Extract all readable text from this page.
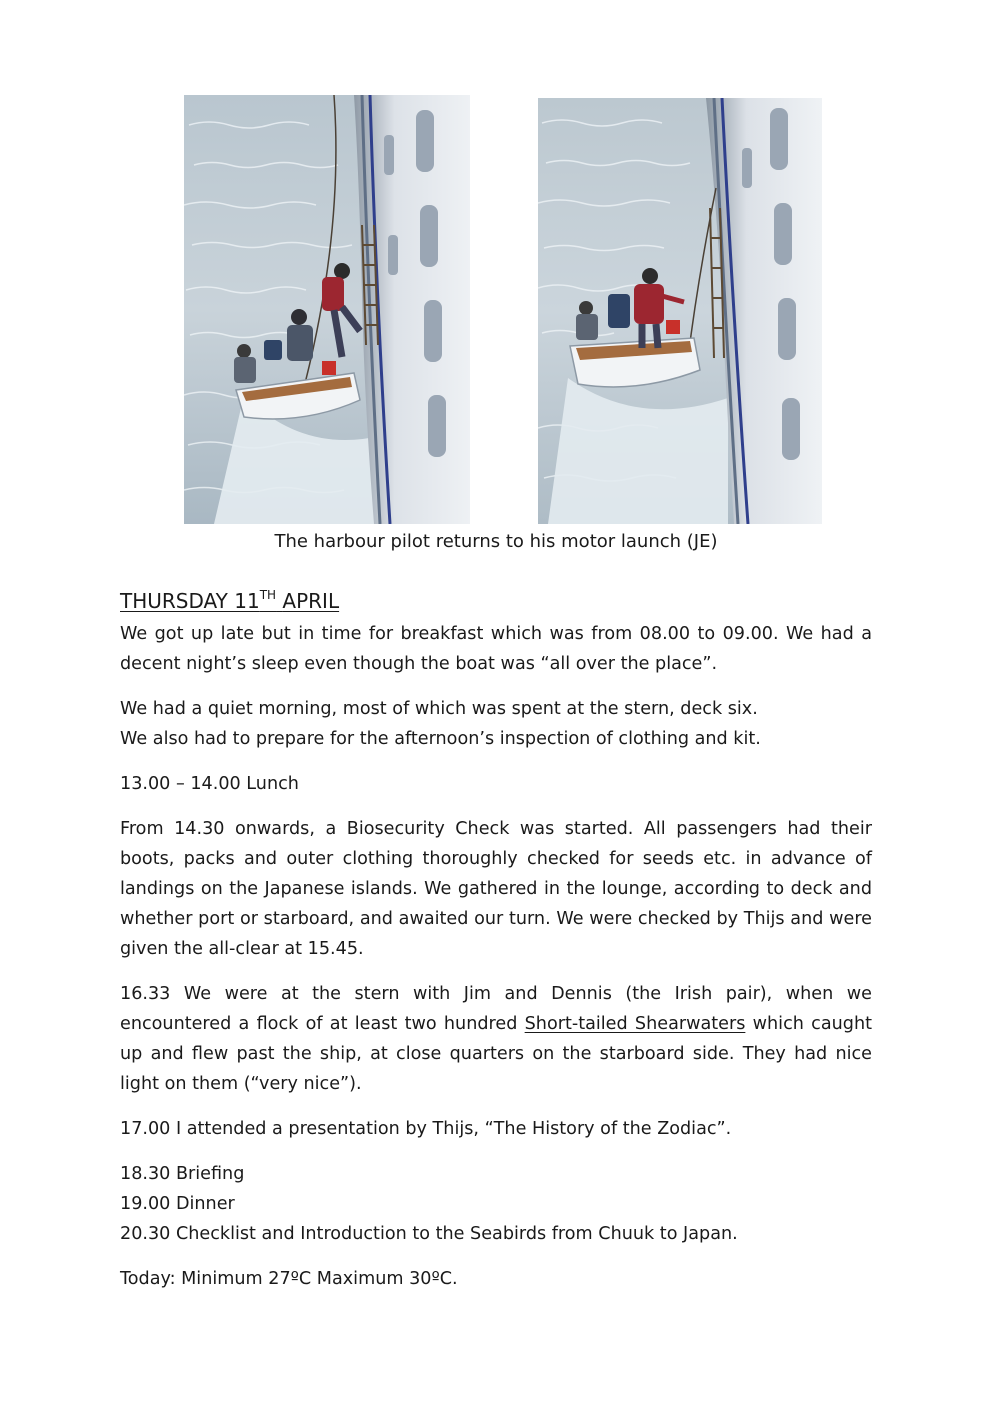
The harbour pilot returns to his motor launch (JE)
THURSDAY 11TH APRIL

We got up late but in time for breakfast which was from 08.00 to 09.00. We had a decent night’s sleep even though the boat was “all over the place”.

We had a quiet morning, most of which was spent at the stern, deck six.
We also had to prepare for the afternoon’s inspection of clothing and kit.

13.00 – 14.00 Lunch

From 14.30 onwards, a Biosecurity Check was started. All passengers had their boots, packs and outer clothing thoroughly checked for seeds etc. in advance of landings on the Japanese islands. We gathered in the lounge, according to deck and whether port or starboard, and awaited our turn. We were checked by Thijs and were given the all-clear at 15.45.

16.33 We were at the stern with Jim and Dennis (the Irish pair), when we encountered a flock of at least two hundred Short-tailed Shearwaters which caught up and flew past the ship, at close quarters on the starboard side. They had nice light on them (“very nice”).

17.00 I attended a presentation by Thijs, “The History of the Zodiac”.

18.30 Briefing
19.00 Dinner
20.30 Checklist and Introduction to the Seabirds from Chuuk to Japan.

Today: Minimum 27ºC Maximum 30ºC.
